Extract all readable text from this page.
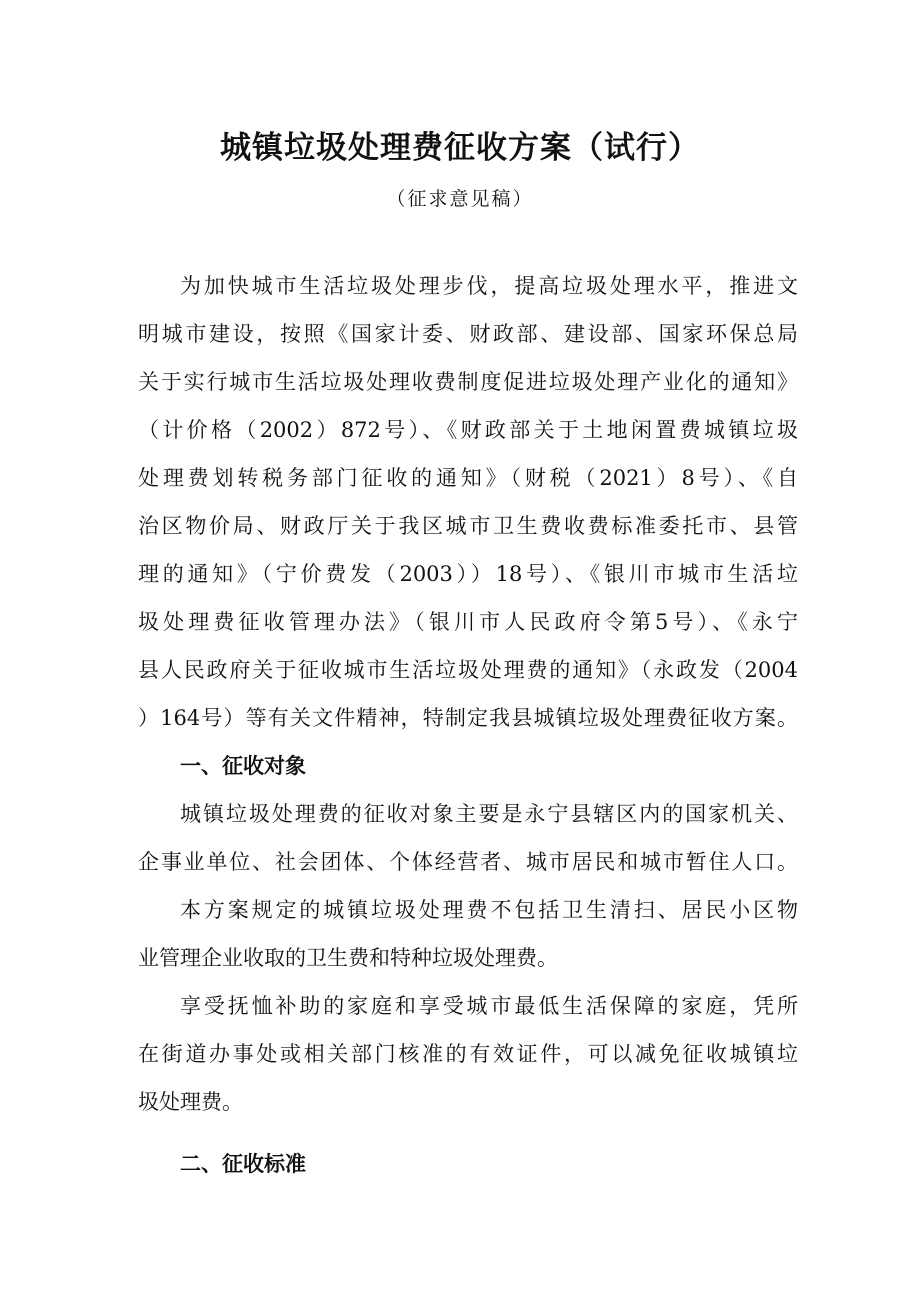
城镇垃圾处理费征收方案（试行）

（征求意见稿）

为加快城市生活垃圾处理步伐，提高垃圾处理水平，推进文
明城市建设，按照《国家计委、财政部、建设部、国家环保总局
关于实行城市生活垃圾处理收费制度促进垃圾处理产业化的通知》
（计价格（2002）872号）、《财政部关于土地闲置费城镇垃圾
处理费划转税务部门征收的通知》（财税（2021）8号）、《自
治区物价局、财政厅关于我区城市卫生费收费标准委托市、县管
理的通知》（宁价费发（2003））18号）、《银川市城市生活垃
圾处理费征收管理办法》（银川市人民政府令第5号）、《永宁
县人民政府关于征收城市生活垃圾处理费的通知》（永政发（2004
）164号）等有关文件精神，特制定我县城镇垃圾处理费征收方案。
一、征收对象
城镇垃圾处理费的征收对象主要是永宁县辖区内的国家机关、
企事业单位、社会团体、个体经营者、城市居民和城市暂住人口。
本方案规定的城镇垃圾处理费不包括卫生清扫、居民小区物
业管理企业收取的卫生费和特种垃圾处理费。
享受抚恤补助的家庭和享受城市最低生活保障的家庭，凭所
在街道办事处或相关部门核准的有效证件，可以减免征收城镇垃
圾处理费。
二、征收标准
